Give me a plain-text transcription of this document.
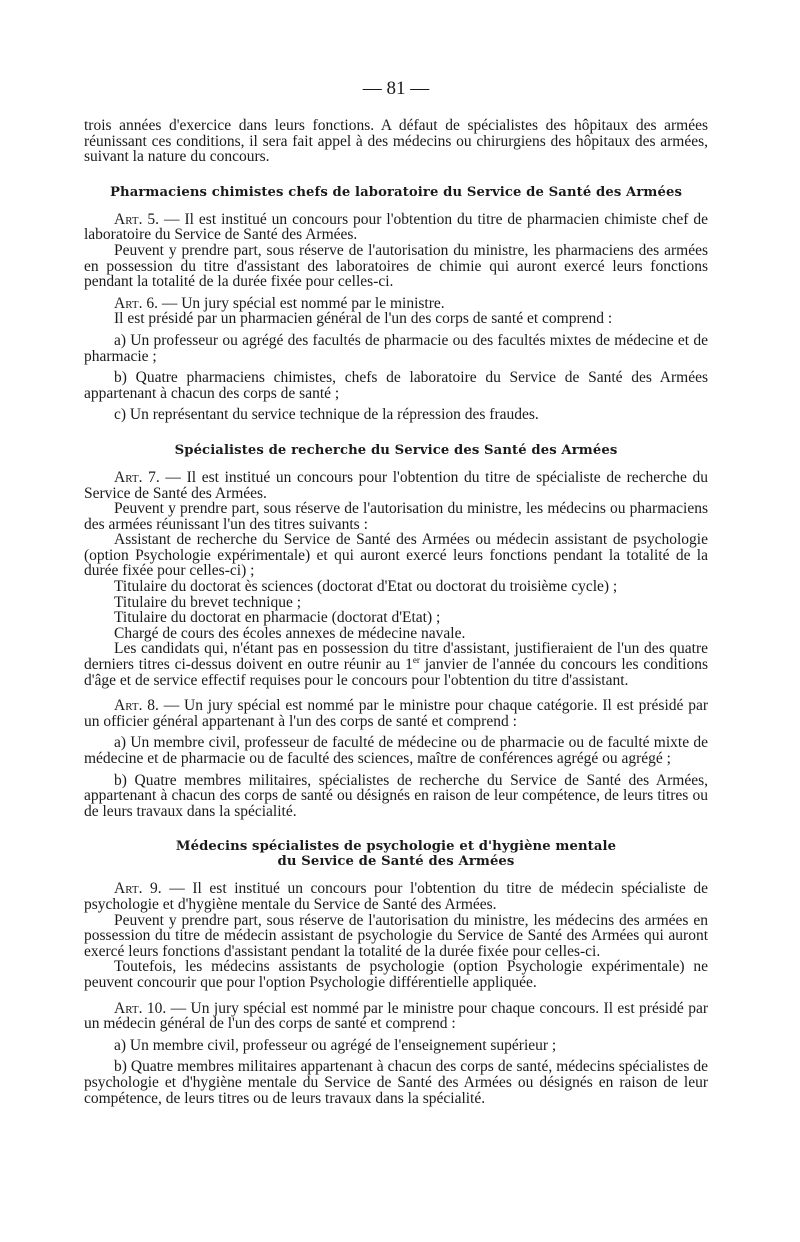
— 81 —

trois années d'exercice dans leurs fonctions. A défaut de spécialistes des hôpitaux des armées réunissant ces conditions, il sera fait appel à des médecins ou chirurgiens des hôpitaux des armées, suivant la nature du concours.

Pharmaciens chimistes chefs de laboratoire du Service de Santé des Armées

Art. 5. — Il est institué un concours pour l'obtention du titre de pharmacien chimiste chef de laboratoire du Service de Santé des Armées.

Peuvent y prendre part, sous réserve de l'autorisation du ministre, les pharmaciens des armées en possession du titre d'assistant des laboratoires de chimie qui auront exercé leurs fonctions pendant la totalité de la durée fixée pour celles-ci.

Art. 6. — Un jury spécial est nommé par le ministre.

Il est présidé par un pharmacien général de l'un des corps de santé et comprend :

a) Un professeur ou agrégé des facultés de pharmacie ou des facultés mixtes de médecine et de pharmacie ;

b) Quatre pharmaciens chimistes, chefs de laboratoire du Service de Santé des Armées appartenant à chacun des corps de santé ;

c) Un représentant du service technique de la répression des fraudes.

Spécialistes de recherche du Service des Santé des Armées

Art. 7. — Il est institué un concours pour l'obtention du titre de spécialiste de recherche du Service de Santé des Armées.

Peuvent y prendre part, sous réserve de l'autorisation du ministre, les médecins ou pharmaciens des armées réunissant l'un des titres suivants :

Assistant de recherche du Service de Santé des Armées ou médecin assistant de psychologie (option Psychologie expérimentale) et qui auront exercé leurs fonctions pendant la totalité de la durée fixée pour celles-ci) ;

Titulaire du doctorat ès sciences (doctorat d'Etat ou doctorat du troisième cycle) ;

Titulaire du brevet technique ;

Titulaire du doctorat en pharmacie (doctorat d'Etat) ;

Chargé de cours des écoles annexes de médecine navale.

Les candidats qui, n'étant pas en possession du titre d'assistant, justifieraient de l'un des quatre derniers titres ci-dessus doivent en outre réunir au 1er janvier de l'année du concours les conditions d'âge et de service effectif requises pour le concours pour l'obtention du titre d'assistant.

Art. 8. — Un jury spécial est nommé par le ministre pour chaque catégorie. Il est présidé par un officier général appartenant à l'un des corps de santé et comprend :

a) Un membre civil, professeur de faculté de médecine ou de pharmacie ou de faculté mixte de médecine et de pharmacie ou de faculté des sciences, maître de conférences agrégé ou agrégé ;

b) Quatre membres militaires, spécialistes de recherche du Service de Santé des Armées, appartenant à chacun des corps de santé ou désignés en raison de leur compétence, de leurs titres ou de leurs travaux dans la spécialité.

Médecins spécialistes de psychologie et d'hygiène mentale
du Seıvice de Santé des Armées

Art. 9. — Il est institué un concours pour l'obtention du titre de médecin spécialiste de psychologie et d'hygiène mentale du Service de Santé des Armées.

Peuvent y prendre part, sous réserve de l'autorisation du ministre, les médecins des armées en possession du titre de médecin assistant de psychologie du Service de Santé des Armées qui auront exercé leurs fonctions d'assistant pendant la totalité de la durée fixée pour celles-ci.

Toutefois, les médecins assistants de psychologie (option Psychologie expérimentale) ne peuvent concourir que pour l'option Psychologie différentielle appliquée.

Art. 10. — Un jury spécial est nommé par le ministre pour chaque concours. Il est présidé par un médecin général de l'un des corps de santé et comprend :

a) Un membre civil, professeur ou agrégé de l'enseignement supérieur ;

b) Quatre membres militaires appartenant à chacun des corps de santé, médecins spécialistes de psychologie et d'hygiène mentale du Service de Santé des Armées ou désignés en raison de leur compétence, de leurs titres ou de leurs travaux dans la spécialité.
